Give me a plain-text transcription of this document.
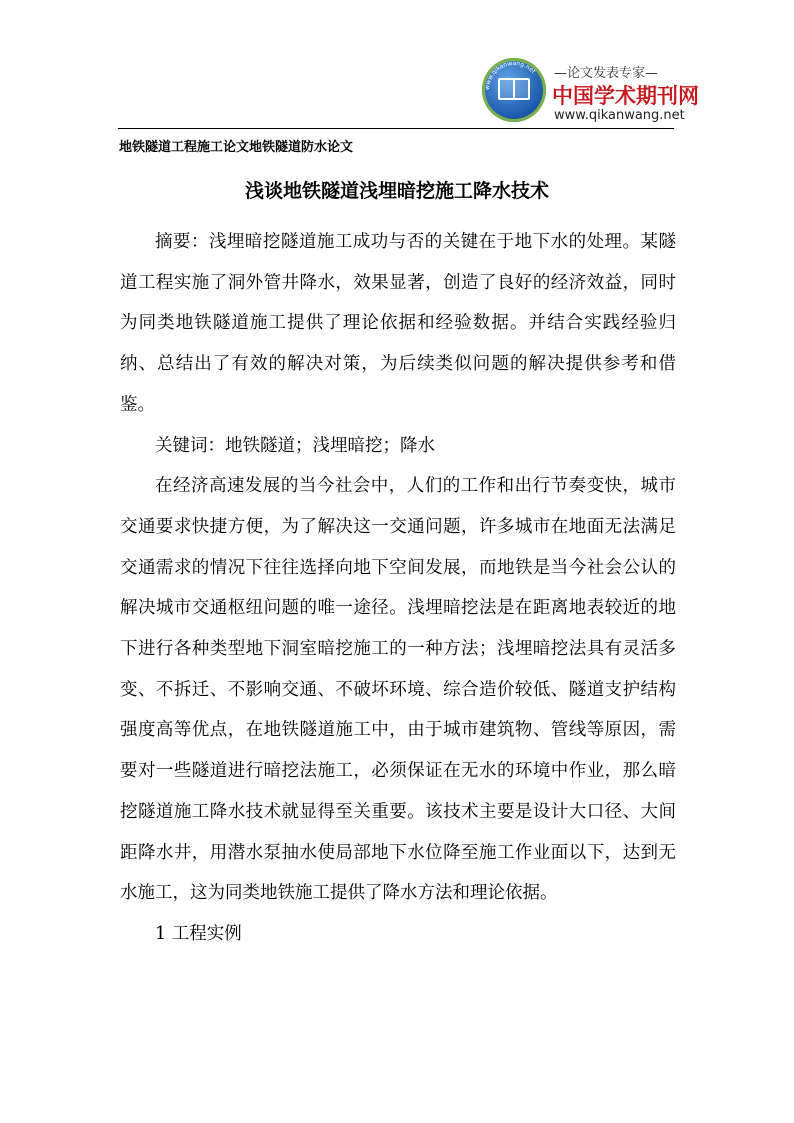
www.qikanwang.net —论文发表专家—
中国学术期刊网
www.qikanwang.net
地铁隧道工程施工论文地铁隧道防水论文
浅谈地铁隧道浅埋暗挖施工降水技术

摘要：浅埋暗挖隧道施工成功与否的关键在于地下水的处理。某隧道工程实施了洞外管井降水，效果显著，创造了良好的经济效益，同时为同类地铁隧道施工提供了理论依据和经验数据。并结合实践经验归纳、总结出了有效的解决对策，为后续类似问题的解决提供参考和借鉴。

关键词：地铁隧道；浅埋暗挖；降水

在经济高速发展的当今社会中，人们的工作和出行节奏变快，城市交通要求快捷方便，为了解决这一交通问题，许多城市在地面无法满足交通需求的情况下往往选择向地下空间发展，而地铁是当今社会公认的解决城市交通枢纽问题的唯一途径。浅埋暗挖法是在距离地表较近的地下进行各种类型地下洞室暗挖施工的一种方法；浅埋暗挖法具有灵活多变、不拆迁、不影响交通、不破坏环境、综合造价较低、隧道支护结构强度高等优点，在地铁隧道施工中，由于城市建筑物、管线等原因，需要对一些隧道进行暗挖法施工，必须保证在无水的环境中作业，那么暗挖隧道施工降水技术就显得至关重要。该技术主要是设计大口径、大间距降水井，用潜水泵抽水使局部地下水位降至施工作业面以下，达到无水施工，这为同类地铁施工提供了降水方法和理论依据。

1 工程实例
